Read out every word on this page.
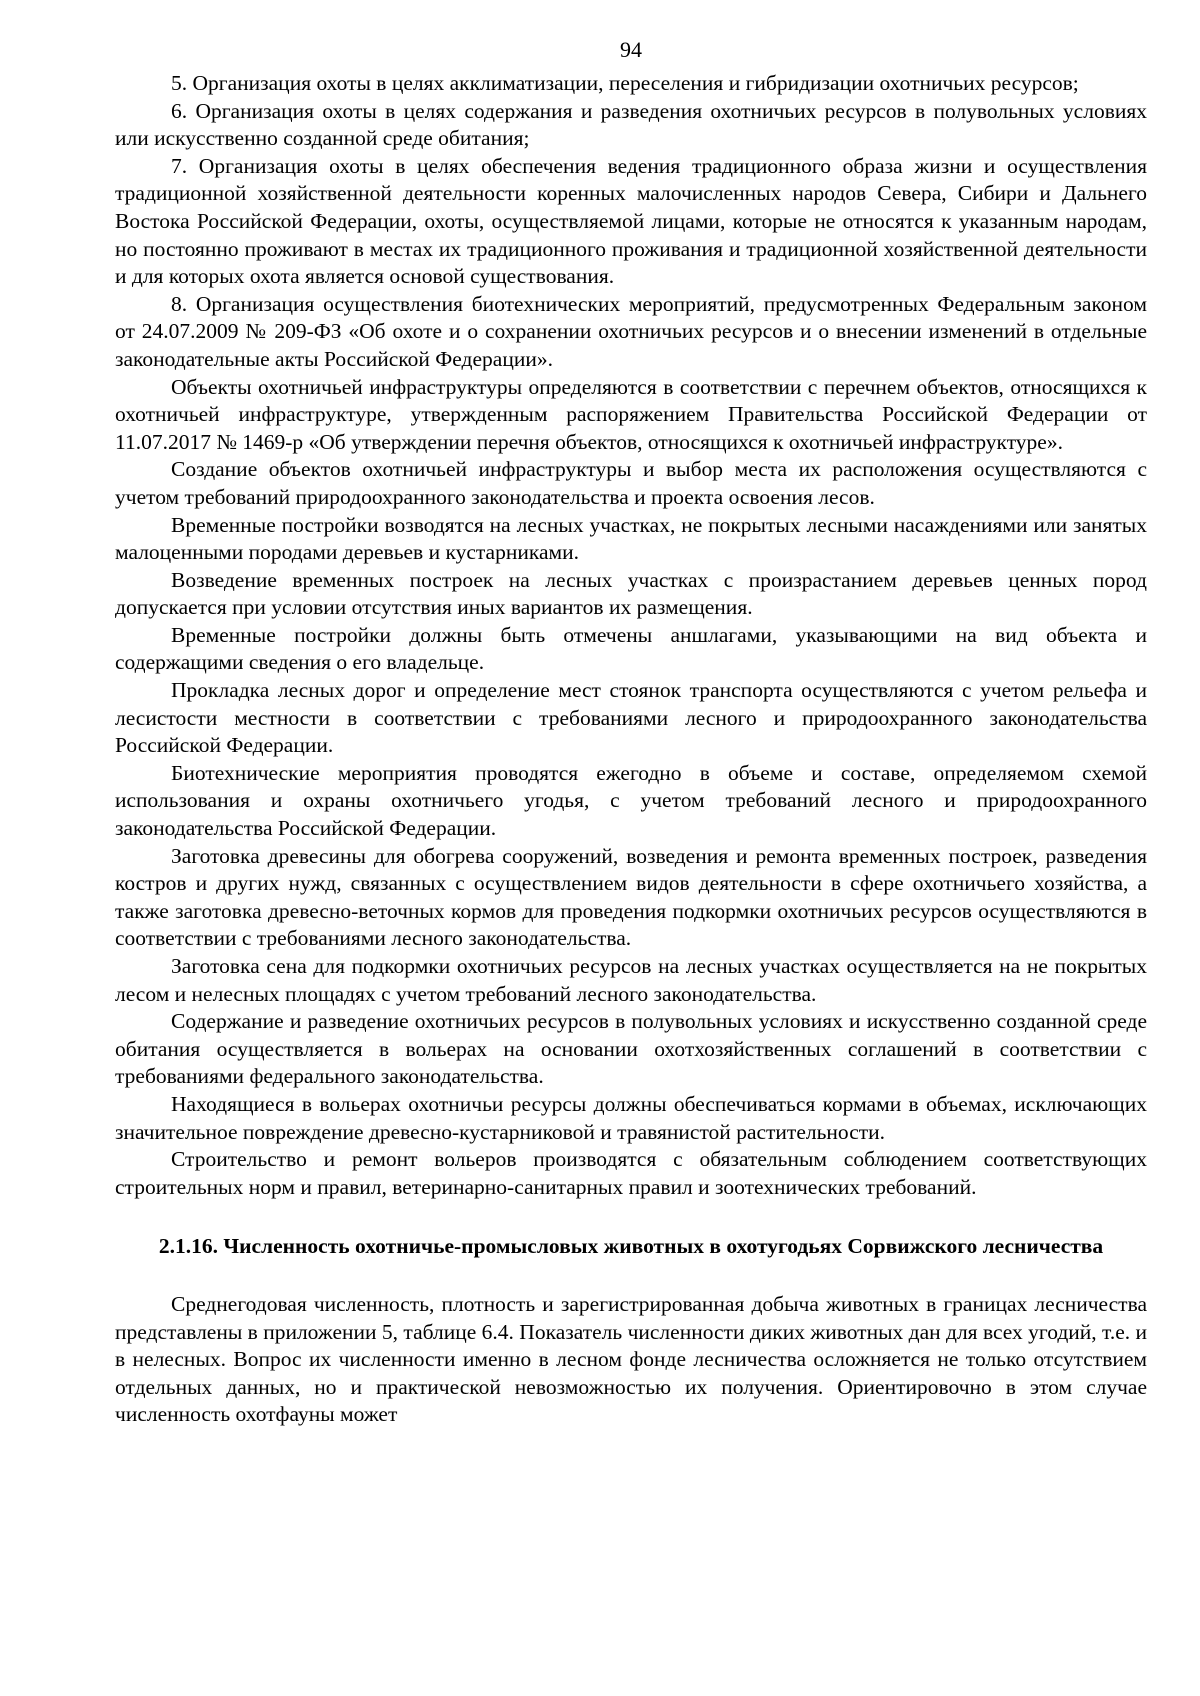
94

5. Организация охоты в целях акклиматизации, переселения и гибридизации охотничьих ресурсов;

6. Организация охоты в целях содержания и разведения охотничьих ресурсов в полувольных условиях или искусственно созданной среде обитания;

7. Организация охоты в целях обеспечения ведения традиционного образа жизни и осуществления традиционной хозяйственной деятельности коренных малочисленных народов Севера, Сибири и Дальнего Востока Российской Федерации, охоты, осуществляемой лицами, которые не относятся к указанным народам, но постоянно проживают в местах их традиционного проживания и традиционной хозяйственной деятельности и для которых охота является основой существования.

8. Организация осуществления биотехнических мероприятий, предусмотренных Федеральным законом от 24.07.2009 № 209-ФЗ «Об охоте и о сохранении охотничьих ресурсов и о внесении изменений в отдельные законодательные акты Российской Федерации».

Объекты охотничьей инфраструктуры определяются в соответствии с перечнем объектов, относящихся к охотничьей инфраструктуре, утвержденным распоряжением Правительства Российской Федерации от 11.07.2017 № 1469-р «Об утверждении перечня объектов, относящихся к охотничьей инфраструктуре».

Создание объектов охотничьей инфраструктуры и выбор места их расположения осуществляются с учетом требований природоохранного законодательства и проекта освоения лесов.

Временные постройки возводятся на лесных участках, не покрытых лесными насаждениями или занятых малоценными породами деревьев и кустарниками.

Возведение временных построек на лесных участках с произрастанием деревьев ценных пород допускается при условии отсутствия иных вариантов их размещения.

Временные постройки должны быть отмечены аншлагами, указывающими на вид объекта и содержащими сведения о его владельце.

Прокладка лесных дорог и определение мест стоянок транспорта осуществляются с учетом рельефа и лесистости местности в соответствии с требованиями лесного и природоохранного законодательства Российской Федерации.

Биотехнические мероприятия проводятся ежегодно в объеме и составе, определяемом схемой использования и охраны охотничьего угодья, с учетом требований лесного и природоохранного законодательства Российской Федерации.

Заготовка древесины для обогрева сооружений, возведения и ремонта временных построек, разведения костров и других нужд, связанных с осуществлением видов деятельности в сфере охотничьего хозяйства, а также заготовка древесно-веточных кормов для проведения подкормки охотничьих ресурсов осуществляются в соответствии с требованиями лесного законодательства.

Заготовка сена для подкормки охотничьих ресурсов на лесных участках осуществляется на не покрытых лесом и нелесных площадях с учетом требований лесного законодательства.

Содержание и разведение охотничьих ресурсов в полувольных условиях и искусственно созданной среде обитания осуществляется в вольерах на основании охотхозяйственных соглашений в соответствии с требованиями федерального законодательства.

Находящиеся в вольерах охотничьи ресурсы должны обеспечиваться кормами в объемах, исключающих значительное повреждение древесно-кустарниковой и травянистой растительности.

Строительство и ремонт вольеров производятся с обязательным соблюдением соответствующих строительных норм и правил, ветеринарно-санитарных правил и зоотехнических требований.

2.1.16. Численность охотничье-промысловых животных в охотугодьях Сорвижского лесничества

Среднегодовая численность, плотность и зарегистрированная добыча животных в границах лесничества представлены в приложении 5, таблице 6.4. Показатель численности диких животных дан для всех угодий, т.е. и в нелесных. Вопрос их численности именно в лесном фонде лесничества осложняется не только отсутствием отдельных данных, но и практической невозможностью их получения. Ориентировочно в этом случае численность охотфауны может
